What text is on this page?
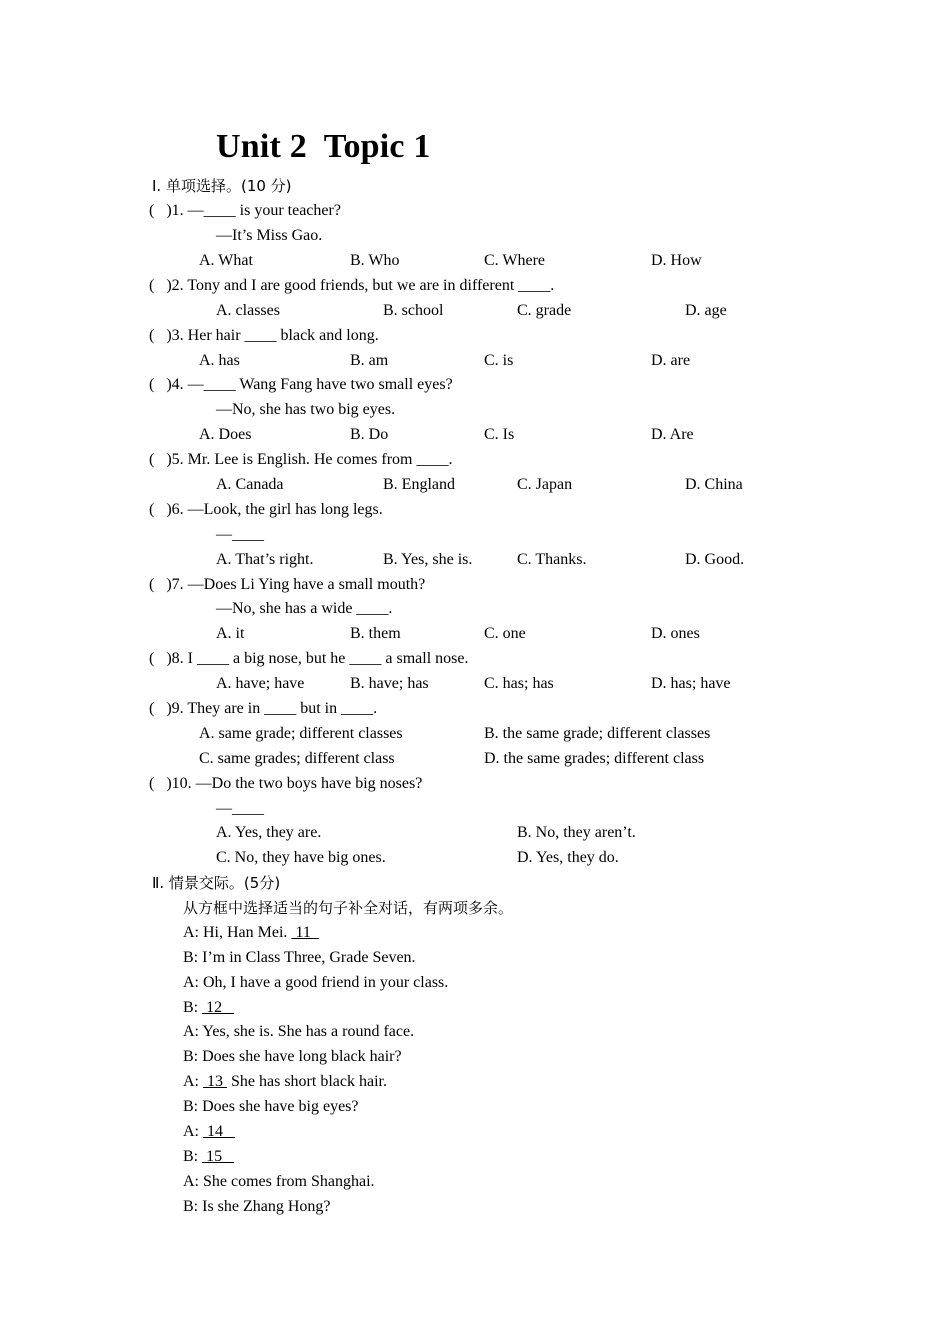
Unit 2  Topic 1
Ⅰ. 单项选择。(10 分)
(   )1. —____ is your teacher?
—It’s Miss Gao.
A. What	B. Who	C. Where	D. How
(   )2. Tony and I are good friends, but we are in different ____.
A. classes	B. school	C. grade	D. age
(   )3. Her hair ____ black and long.
A. has	B. am	C. is	D. are
(   )4. —____ Wang Fang have two small eyes?
—No, she has two big eyes.
A. Does	B. Do	C. Is	D. Are
(   )5. Mr. Lee is English. He comes from ____.
A. Canada	B. England	C. Japan	D. China
(   )6. —Look, the girl has long legs.
—____
A. That’s right.	B. Yes, she is.	C. Thanks.	D. Good.
(   )7. —Does Li Ying have a small mouth?
—No, she has a wide ____.
A. it	B. them	C. one	D. ones
(   )8. I ____ a big nose, but he ____ a small nose.
A. have; have	B. have; has	C. has; has	D. has; have
(   )9. They are in ____ but in ____.
A. same grade; different classes	B. the same grade; different classes
C. same grades; different class	D. the same grades; different class
(   )10. —Do the two boys have big noses?
—____
A. Yes, they are.	B. No, they aren’t.
C. No, they have big ones.	D. Yes, they do.
Ⅱ. 情景交际。(5分)
从方框中选择适当的句子补全对话，有两项多余。
A: Hi, Han Mei.  11
B: I’m in Class Three, Grade Seven.
A: Oh, I have a good friend in your class.
B:  12
A: Yes, she is. She has a round face.
B: Does she have long black hair?
A:  13  She has short black hair.
B: Does she have big eyes?
A:  14
B:  15
A: She comes from Shanghai.
B: Is she Zhang Hong?
